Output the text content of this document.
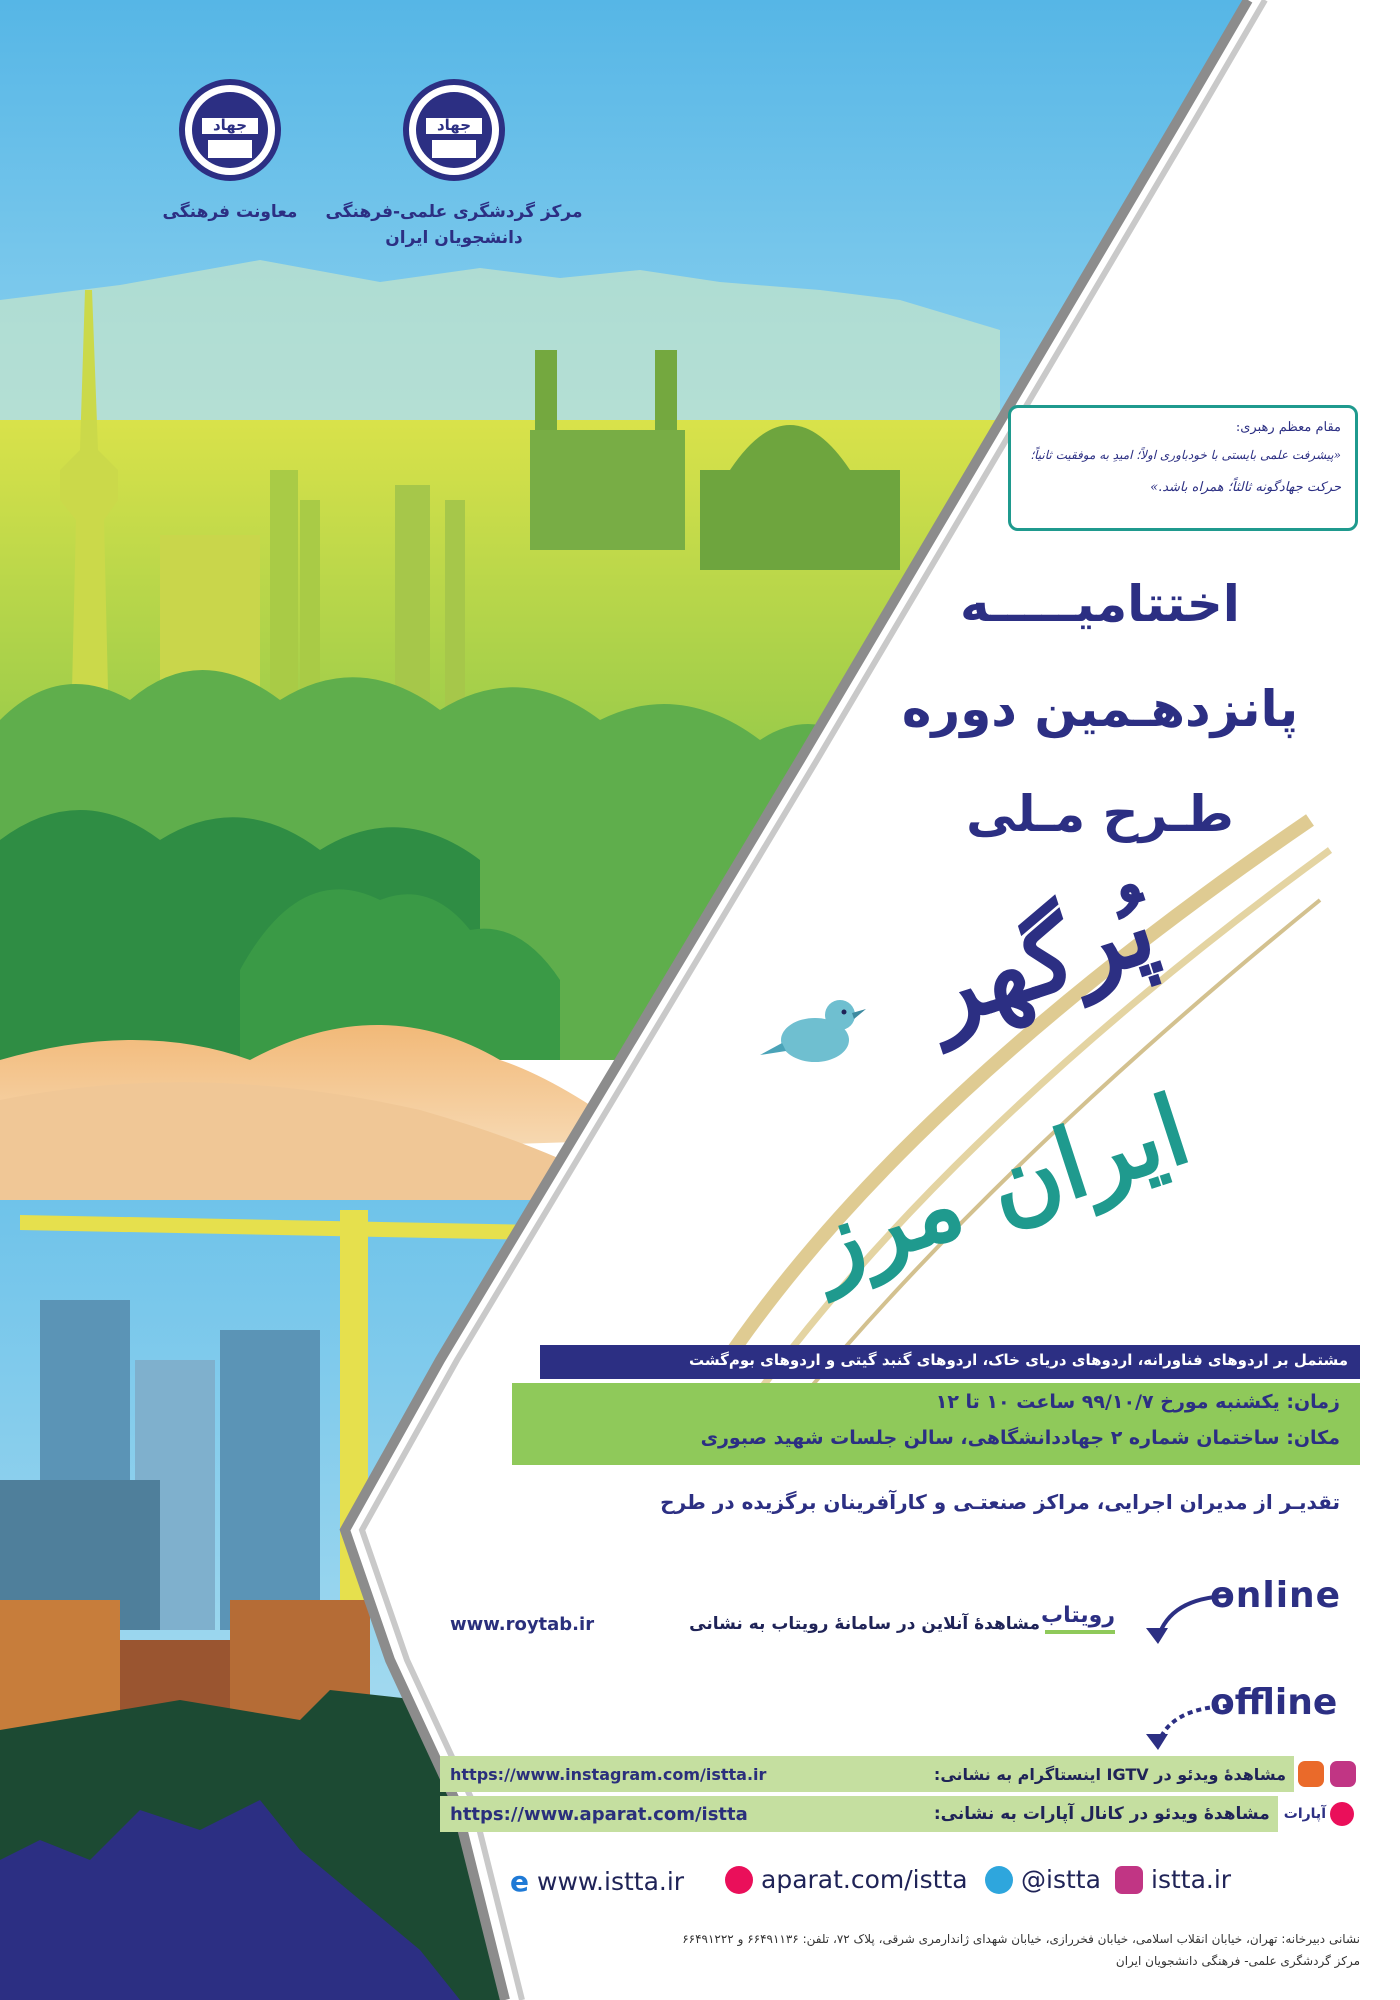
جهاد
مرکز گردشگری علمی-فرهنگی
دانشجویان ایران
جهاد
معاونت فرهنگی
مقام معظم رهبری:
«پیشرفت علمی بایستی با خودباوری اولاً؛ امیدِ به موفقیت ثانیاً؛
حرکت جهادگونه ثالثاً؛ همراه باشد.»
اختتامیـــــه
پانزدهـمین دوره
طـرح مـلی
پُرگهر
ایران مرز
مشتمل بر اردوهای فناورانه، اردوهای دریای خاک، اردوهای گنبد گیتی و اردوهای بوم‌گشت
زمان: یکشنبه مورخ ۹۹/۱۰/۷ ساعت ۱۰ تا ۱۲
مکان: ساختمان شماره ۲ جهاددانشگاهی، سالن جلسات شهید صبوری
تقدیـر از مدیران اجرایی، مراکز صنعتـی و کارآفرینان برگزیده در طرح
online
رویتاب
مشاهدۀ آنلاین در سامانۀ رویتاب به نشانی
www.roytab.ir
offline
https://www.instagram.com/istta.ir	مشاهدۀ ویدئو در IGTV اینستاگرام به نشانی:
https://www.aparat.com/istta	مشاهدۀ ویدئو در کانال آپارات به نشانی: آپارات
e www.istta.ir	aparat.com/istta @istta istta.ir
نشانی دبیرخانه: تهران، خیابان انقلاب اسلامی، خیابان فخررازی، خیابان شهدای ژاندارمری شرقی، پلاک ۷۲، تلفن: ۶۶۴۹۱۱۳۶ و ۶۶۴۹۱۲۲۲
مرکز گردشگری علمی- فرهنگی دانشجویان ایران
